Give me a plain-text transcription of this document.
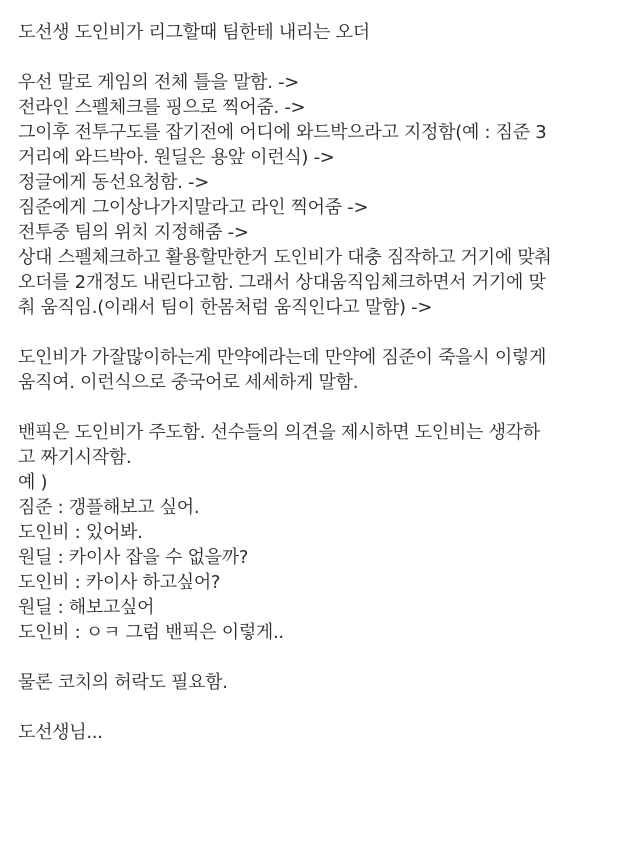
도선생 도인비가 리그할때 팀한테 내리는 오더
우선 말로 게임의 전체 틀을 말함. ->
전라인 스펠체크를 핑으로 찍어줌. ->
그이후 전투구도를 잡기전에 어디에 와드박으라고 지정함(예 : 짐준 3
거리에 와드박아. 원딜은 용앞 이런식) ->
정글에게 동선요청함. ->
짐준에게 그이상나가지말라고 라인 찍어줌 ->
전투중 팀의 위치 지정해줌 ->
상대 스펠체크하고 활용할만한거 도인비가 대충 짐작하고 거기에 맞춰
오더를 2개정도 내린다고함. 그래서 상대움직임체크하면서 거기에 맞
춰 움직임.(이래서 팀이 한몸처럼 움직인다고 말함) ->
도인비가 가잘많이하는게 만약에라는데 만약에 짐준이 죽을시 이렇게
움직여. 이런식으로 중국어로 세세하게 말함.
밴픽은 도인비가 주도함. 선수들의 의견을 제시하면 도인비는 생각하
고 짜기시작함.
예 )
짐준 : 갱플해보고 싶어.
도인비 : 있어봐.
원딜 : 카이사 잡을 수 없을까?
도인비 : 카이사 하고싶어?
원딜 : 해보고싶어
도인비 : ㅇㅋ 그럼 밴픽은 이렇게..
물론 코치의 허락도 필요함.
도선생님...
